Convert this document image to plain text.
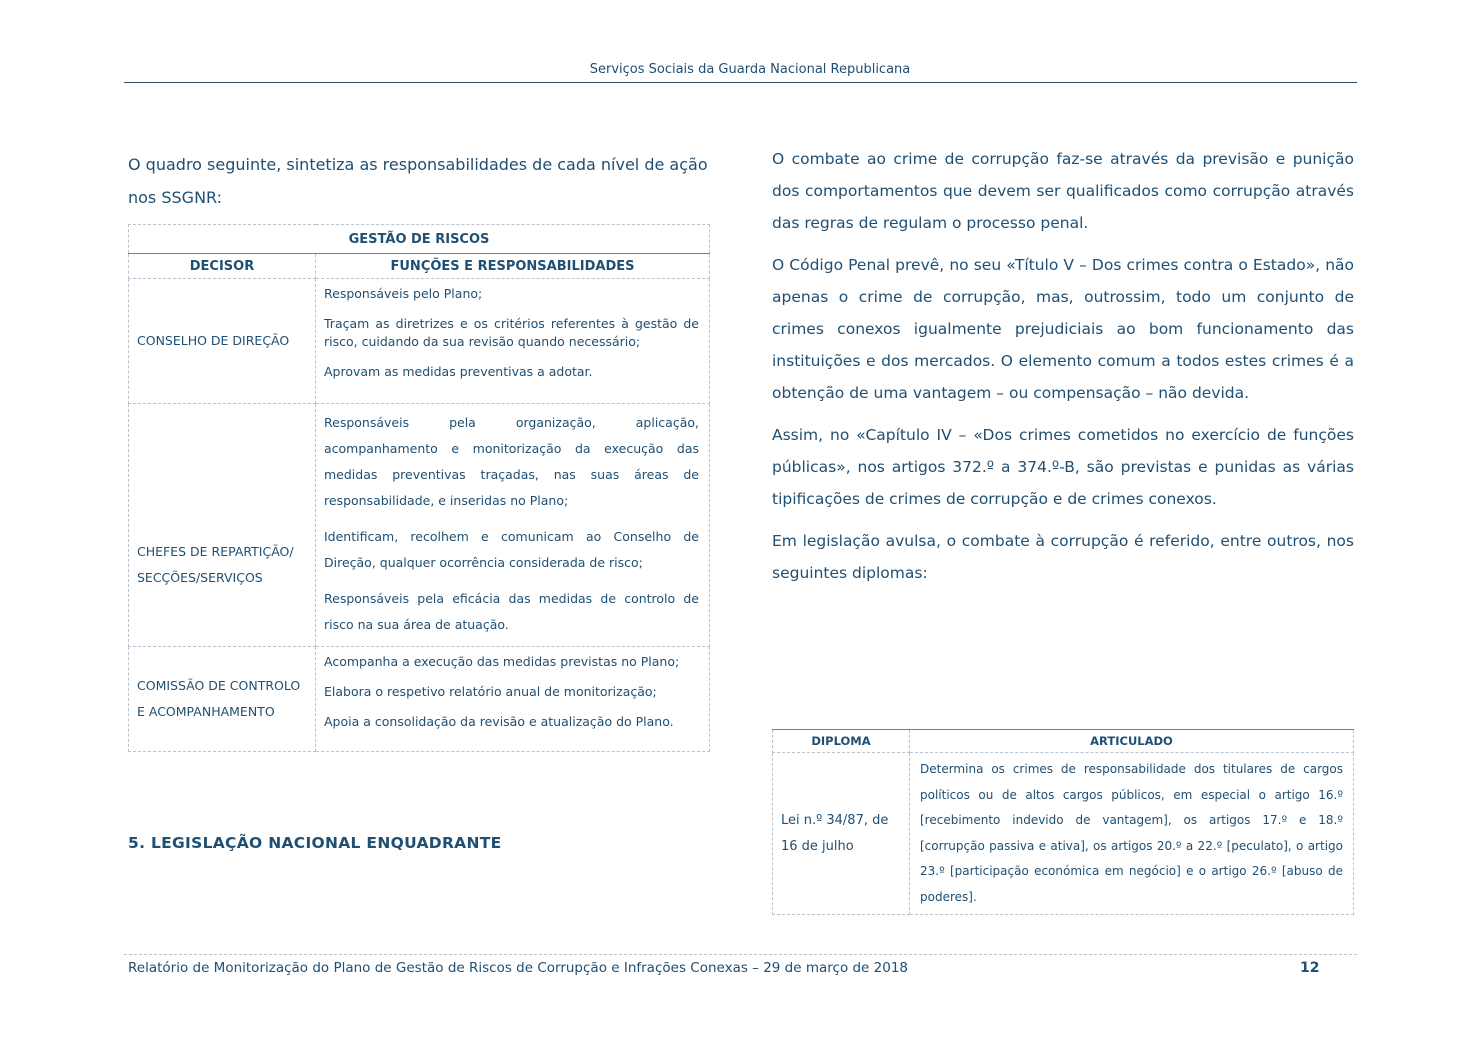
Serviços Sociais da Guarda Nacional Republicana

O quadro seguinte, sintetiza as responsabilidades de cada nível de ação nos SSGNR:

GESTÃO DE RISCOS	
DECISOR	FUNÇÕES E RESPONSABILIDADES
CONSELHO DE DIREÇÃO	Responsáveis pelo Plano;

Traçam as diretrizes e os critérios referentes à gestão de risco, cuidando da sua revisão quando necessário;

Aprovam as medidas preventivas a adotar.

CHEFES DE REPARTIÇÃO/ SECÇÕES/SERVIÇOS	Responsáveis pela organização, aplicação, acompanhamento e monitorização da execução das medidas preventivas traçadas, nas suas áreas de responsabilidade, e inseridas no Plano;

Identificam, recolhem e comunicam ao Conselho de Direção, qualquer ocorrência considerada de risco;

Responsáveis pela eficácia das medidas de controlo de risco na sua área de atuação.

COMISSÃO DE CONTROLO E ACOMPANHAMENTO	Acompanha a execução das medidas previstas no Plano;

Elabora o respetivo relatório anual de monitorização;

Apoia a consolidação da revisão e atualização do Plano.

5. LEGISLAÇÃO NACIONAL ENQUADRANTE

O combate ao crime de corrupção faz-se através da previsão e punição dos comportamentos que devem ser qualificados como corrupção através das regras de regulam o processo penal.

O Código Penal prevê, no seu «Título V – Dos crimes contra o Estado», não apenas o crime de corrupção, mas, outrossim, todo um conjunto de crimes conexos igualmente prejudiciais ao bom funcionamento das instituições e dos mercados. O elemento comum a todos estes crimes é a obtenção de uma vantagem – ou compensação – não devida.

Assim, no «Capítulo IV – «Dos crimes cometidos no exercício de funções públicas», nos artigos 372.º a 374.º-B, são previstas e punidas as várias tipificações de crimes de corrupção e de crimes conexos.

Em legislação avulsa, o combate à corrupção é referido, entre outros, nos seguintes diplomas:

DIPLOMA	ARTICULADO
Lei n.º 34/87, de 16 de julho	Determina os crimes de responsabilidade dos titulares de cargos políticos ou de altos cargos públicos, em especial o artigo 16.º [recebimento indevido de vantagem], os artigos 17.º e 18.º [corrupção passiva e ativa], os artigos 20.º a 22.º [peculato], o artigo 23.º [participação económica em negócio] e o artigo 26.º [abuso de poderes].
Relatório de Monitorização do Plano de Gestão de Riscos de Corrupção e Infrações Conexas – 29 de março de 2018	12
